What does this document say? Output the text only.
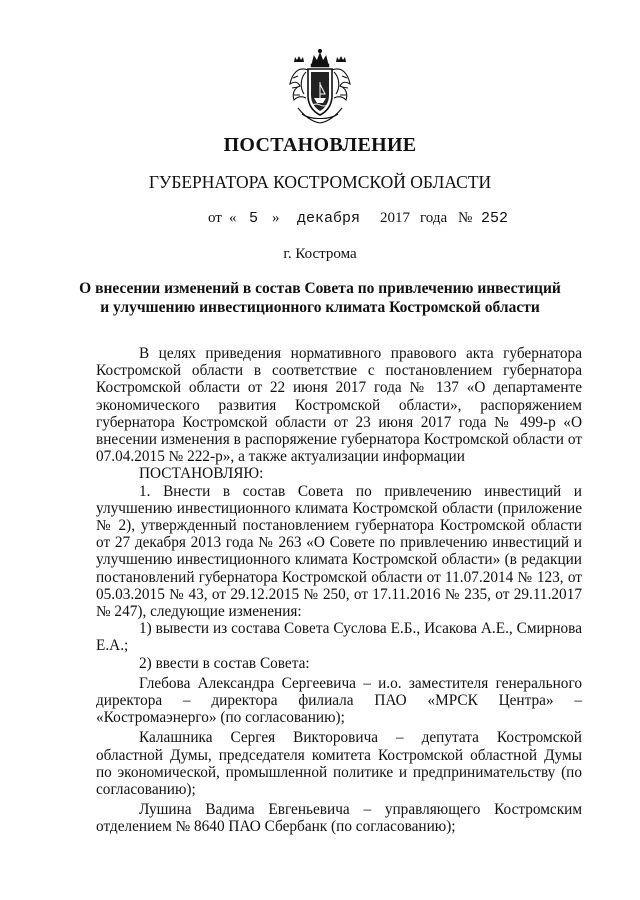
ПОСТАНОВЛЕНИЕ
ГУБЕРНАТОРА КОСТРОМСКОЙ ОБЛАСТИ
от « 5 » декабря 2017 года № 252
г. Кострома
О внесении изменений в состав Совета по привлечению инвестиций
и улучшению инвестиционного климата Костромской области

В целях приведения нормативного правового акта губернатора Костромской области в соответствие с постановлением губернатора Костромской области от 22 июня 2017 года № 137 «О департаменте экономического развития Костромской области», распоряжением губернатора Костромской области от 23 июня 2017 года № 499-р «О внесении изменения в распоряжение губернатора Костромской области от 07.04.2015 № 222-р», а также актуализации информации

ПОСТАНОВЛЯЮ:

1. Внести в состав Совета по привлечению инвестиций и улучшению инвестиционного климата Костромской области (приложение № 2), утвержденный постановлением губернатора Костромской области от 27 декабря 2013 года № 263 «О Совете по привлечению инвестиций и улучшению инвестиционного климата Костромской области» (в редакции постановлений губернатора Костромской области от 11.07.2014 № 123, от 05.03.2015 № 43, от 29.12.2015 № 250, от 17.11.2016 № 235, от 29.11.2017 № 247), следующие изменения:

1) вывести из состава Совета Суслова Е.Б., Исакова А.Е., Смирнова Е.А.;

2) ввести в состав Совета:

Глебова Александра Сергеевича – и.о. заместителя генерального директора – директора филиала ПАО «МРСК Центра» – «Костромаэнерго» (по согласованию);

Калашника Сергея Викторовича – депутата Костромской областной Думы, председателя комитета Костромской областной Думы по экономической, промышленной политике и предпринимательству (по согласованию);

Лушина Вадима Евгеньевича – управляющего Костромским отделением № 8640 ПАО Сбербанк (по согласованию);
